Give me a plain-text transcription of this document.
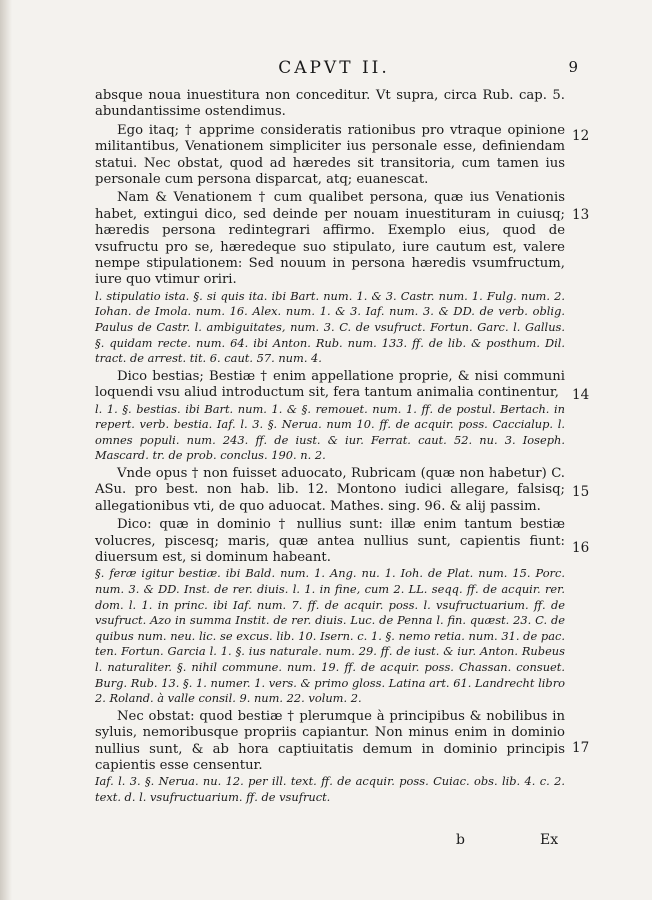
CAPVT II.	9

absque noua inuestitura non conceditur. Vt supra, circa Rub. cap. 5. abundantissime ostendimus.

Ego itaq; † apprime consideratis rationibus pro vtraque opinione militantibus, Venationem simpliciter ius personale esse, definiendam statui. Nec obstat, quod ad hæredes sit transitoria, cum tamen ius personale cum persona disparcat, atq; euanescat.

Nam & Venationem † cum qualibet persona, quæ ius Venationis habet, extingui dico, sed deinde per nouam inuestituram in cuiusq; hæredis persona redintegrari affirmo. Exemplo eius, quod de vsufructu pro se, hæredeque suo stipulato, iure cautum est, valere nempe stipulationem: Sed nouum in persona hæredis vsumfructum, iure quo vtimur oriri.

l. stipulatio ista. §. si quis ita. ibi Bart. num. 1. & 3. Castr. num. 1. Fulg. num. 2. Iohan. de Imola. num. 16. Alex. num. 1. & 3. Iaf. num. 3. & DD. de verb. oblig. Paulus de Castr. l. ambiguitates, num. 3. C. de vsufruct. Fortun. Garc. l. Gallus. §. quidam recte. num. 64. ibi Anton. Rub. num. 133. ff. de lib. & posthum. Dil. tract. de arrest. tit. 6. caut. 57. num. 4.

Dico bestias; Bestiæ † enim appellatione proprie, & nisi communi loquendi vsu aliud introductum sit, fera tantum animalia continentur,

l. 1. §. bestias. ibi Bart. num. 1. & §. remouet. num. 1. ff. de postul. Bertach. in repert. verb. bestia. Iaf. l. 3. §. Nerua. num 10. ff. de acquir. poss. Caccialup. l. omnes populi. num. 243. ff. de iust. & iur. Ferrat. caut. 52. nu. 3. Ioseph. Mascard. tr. de prob. conclus. 190. n. 2.

Vnde opus † non fuisset aduocato, Rubricam (quæ non habetur) C. ASu. pro best. non hab. lib. 12. Montono iudici allegare, falsisq; allegationibus vti, de quo aduocat. Mathes. sing. 96. & alij passim.

Dico: quæ in dominio † nullius sunt: illæ enim tantum bestiæ volucres, piscesq; maris, quæ antea nullius sunt, capientis fiunt: diuersum est, si dominum habeant.

§. feræ igitur bestiæ. ibi Bald. num. 1. Ang. nu. 1. Ioh. de Plat. num. 15. Porc. num. 3. & DD. Inst. de rer. diuis. l. 1. in fine, cum 2. LL. seqq. ff. de acquir. rer. dom. l. 1. in princ. ibi Iaf. num. 7. ff. de acquir. poss. l. vsufructuarium. ff. de vsufruct. Azo in summa Instit. de rer. diuis. Luc. de Penna l. fin. quæst. 23. C. de quibus num. neu. lic. se excus. lib. 10. Isern. c. 1. §. nemo retia. num. 31. de pac. ten. Fortun. Garcia l. 1. §. ius naturale. num. 29. ff. de iust. & iur. Anton. Rubeus l. naturaliter. §. nihil commune. num. 19. ff. de acquir. poss. Chassan. consuet. Burg. Rub. 13. §. 1. numer. 1. vers. & primo gloss. Latina art. 61. Landrecht libro 2. Roland. à valle consil. 9. num. 22. volum. 2.

Nec obstat: quod bestiæ † plerumque à principibus & nobilibus in syluis, nemoribusque propriis capiantur. Non minus enim in dominio nullius sunt, & ab hora captiuitatis demum in dominio principis capientis esse censentur.

Iaf. l. 3. §. Nerua. nu. 12. per ill. text. ff. de acquir. poss. Cuiac. obs. lib. 4. c. 2. text. d. l. vsufructuarium. ff. de vsufruct.

12
13
14
15
16
17
b	Ex
